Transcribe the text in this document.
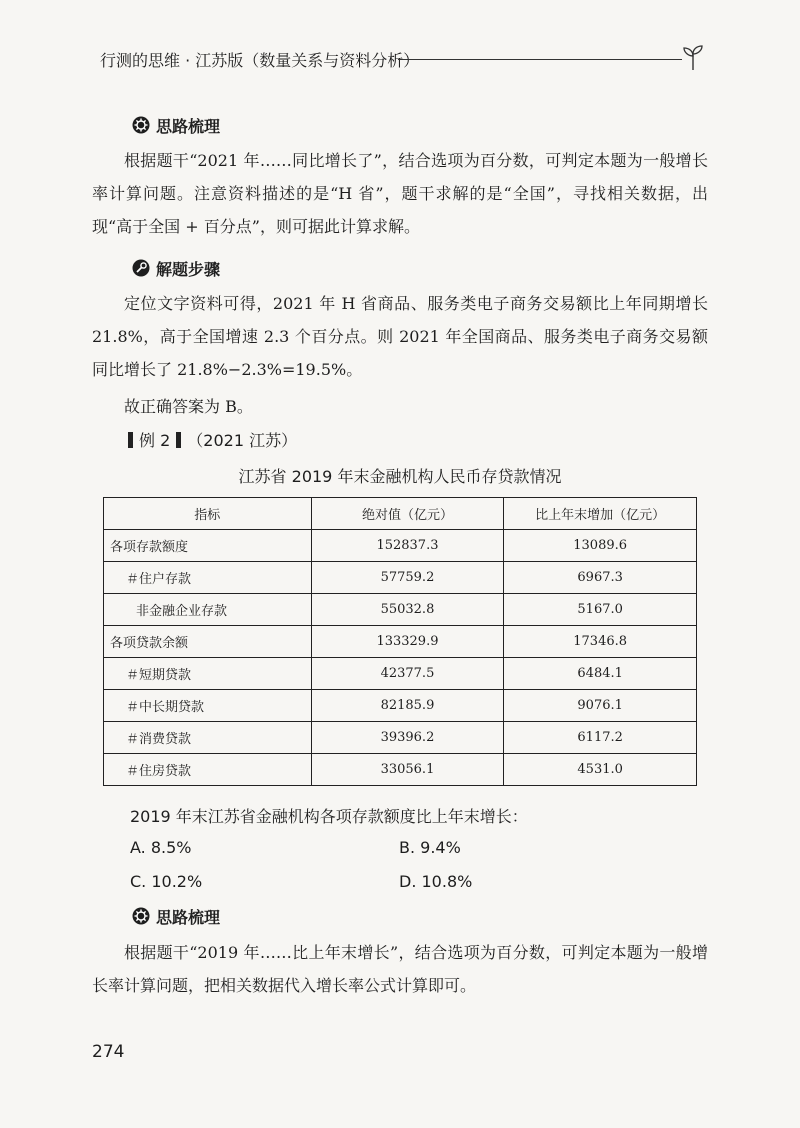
行测的思维 · 江苏版（数量关系与资料分析）
思路梳理

根据题干“2021 年……同比增长了”，结合选项为百分数，可判定本题为一般增长率计算问题。注意资料描述的是“H 省”，题干求解的是“全国”，寻找相关数据，出现“高于全国 + 百分点”，则可据此计算求解。

解题步骤

定位文字资料可得，2021 年 H 省商品、服务类电子商务交易额比上年同期增长 21.8%，高于全国增速 2.3 个百分点。则 2021 年全国商品、服务类电子商务交易额同比增长了 21.8%−2.3%=19.5%。

故正确答案为 B。

例 2 （2021 江苏）
江苏省 2019 年末金融机构人民币存贷款情况
指标	绝对值（亿元）	比上年末增加（亿元）
各项存款额度	152837.3	13089.6
＃住户存款	57759.2	6967.3
非金融企业存款	55032.8	5167.0
各项贷款余额	133329.9	17346.8
＃短期贷款	42377.5	6484.1
＃中长期贷款	82185.9	9076.1
＃消费贷款	39396.2	6117.2
＃住房贷款	33056.1	4531.0
2019 年末江苏省金融机构各项存款额度比上年末增长：
A. 8.5%	B. 9.4%
C. 10.2%	D. 10.8%
思路梳理

根据题干“2019 年……比上年末增长”，结合选项为百分数，可判定本题为一般增长率计算问题，把相关数据代入增长率公式计算即可。

274
